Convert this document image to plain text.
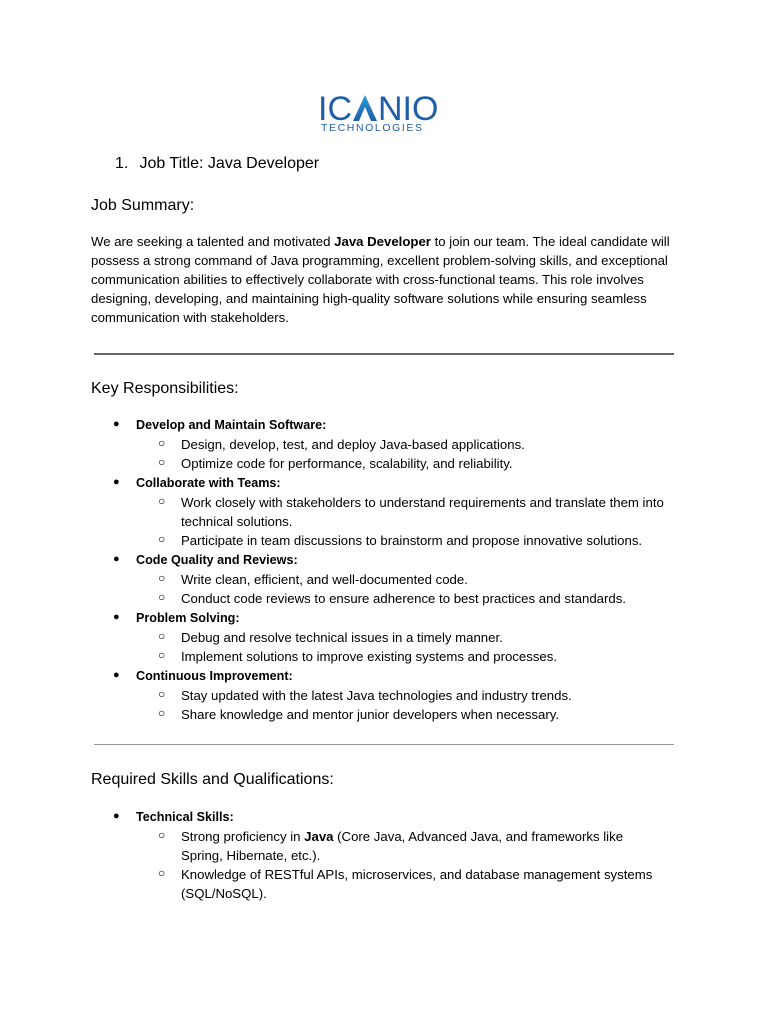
IC NIO
TECHNOLOGIES
1. Job Title: Java Developer
Job Summary:
We are seeking a talented and motivated Java Developer to join our team. The ideal candidate will possess a strong command of Java programming, excellent problem-solving skills, and exceptional communication abilities to effectively collaborate with cross-functional teams. This role involves designing, developing, and maintaining high-quality software solutions while ensuring seamless communication with stakeholders.
Key Responsibilities:
● Develop and Maintain Software:
○ Design, develop, test, and deploy Java-based applications.
○ Optimize code for performance, scalability, and reliability.
● Collaborate with Teams:
○ Work closely with stakeholders to understand requirements and translate them into technical solutions.
○ Participate in team discussions to brainstorm and propose innovative solutions.
● Code Quality and Reviews:
○ Write clean, efficient, and well-documented code.
○ Conduct code reviews to ensure adherence to best practices and standards.
● Problem Solving:
○ Debug and resolve technical issues in a timely manner.
○ Implement solutions to improve existing systems and processes.
● Continuous Improvement:
○ Stay updated with the latest Java technologies and industry trends.
○ Share knowledge and mentor junior developers when necessary.
Required Skills and Qualifications:
● Technical Skills:
○ Strong proficiency in Java (Core Java, Advanced Java, and frameworks like Spring, Hibernate, etc.).
○ Knowledge of RESTful APIs, microservices, and database management systems (SQL/NoSQL).
